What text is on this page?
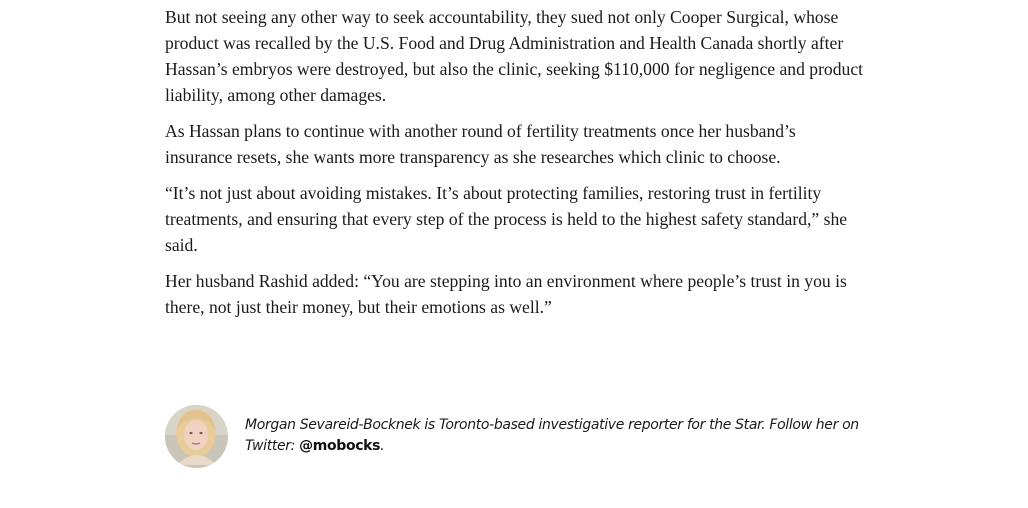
But not seeing any other way to seek accountability, they sued not only Cooper Surgical, whose product was recalled by the U.S. Food and Drug Administration and Health Canada shortly after Hassan’s embryos were destroyed, but also the clinic, seeking $110,000 for negligence and product liability, among other damages.

As Hassan plans to continue with another round of fertility treatments once her husband’s insurance resets, she wants more transparency as she researches which clinic to choose.

“It’s not just about avoiding mistakes. It’s about protecting families, restoring trust in fertility treatments, and ensuring that every step of the process is held to the highest safety standard,” she said.

Her husband Rashid added: “You are stepping into an environment where people’s trust in you is there, not just their money, but their emotions as well.”

Morgan Sevareid-Bocknek is Toronto-based investigative reporter for the Star. Follow her on Twitter: @mobocks.
